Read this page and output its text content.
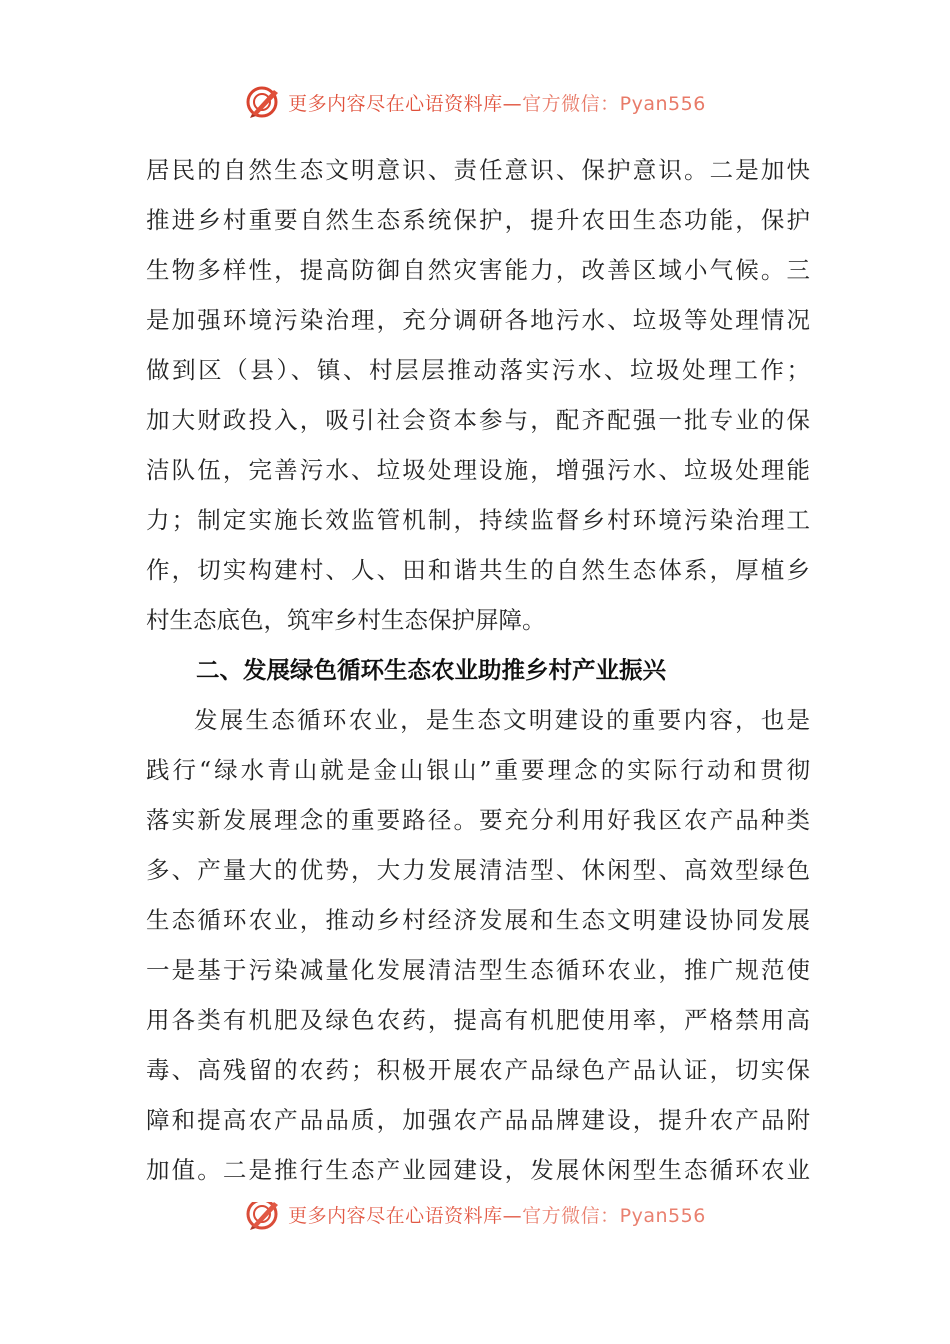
更多内容尽在心语资料库—官方微信：Pyan556
居民的自然生态文明意识、责任意识、保护意识。二是加快
推进乡村重要自然生态系统保护，提升农田生态功能，保护
生物多样性，提高防御自然灾害能力，改善区域小气候。三
是加强环境污染治理，充分调研各地污水、垃圾等处理情况
做到区（县）、镇、村层层推动落实污水、垃圾处理工作；
加大财政投入，吸引社会资本参与，配齐配强一批专业的保
洁队伍，完善污水、垃圾处理设施，增强污水、垃圾处理能
力；制定实施长效监管机制，持续监督乡村环境污染治理工
作，切实构建村、人、田和谐共生的自然生态体系，厚植乡
村生态底色，筑牢乡村生态保护屏障。
二、发展绿色循环生态农业助推乡村产业振兴
发展生态循环农业，是生态文明建设的重要内容，也是
践行“绿水青山就是金山银山”重要理念的实际行动和贯彻
落实新发展理念的重要路径。要充分利用好我区农产品种类
多、产量大的优势，大力发展清洁型、休闲型、高效型绿色
生态循环农业，推动乡村经济发展和生态文明建设协同发展
一是基于污染减量化发展清洁型生态循环农业，推广规范使
用各类有机肥及绿色农药，提高有机肥使用率，严格禁用高
毒、高残留的农药；积极开展农产品绿色产品认证，切实保
障和提高农产品品质，加强农产品品牌建设，提升农产品附
加值。二是推行生态产业园建设，发展休闲型生态循环农业
更多内容尽在心语资料库—官方微信：Pyan556
